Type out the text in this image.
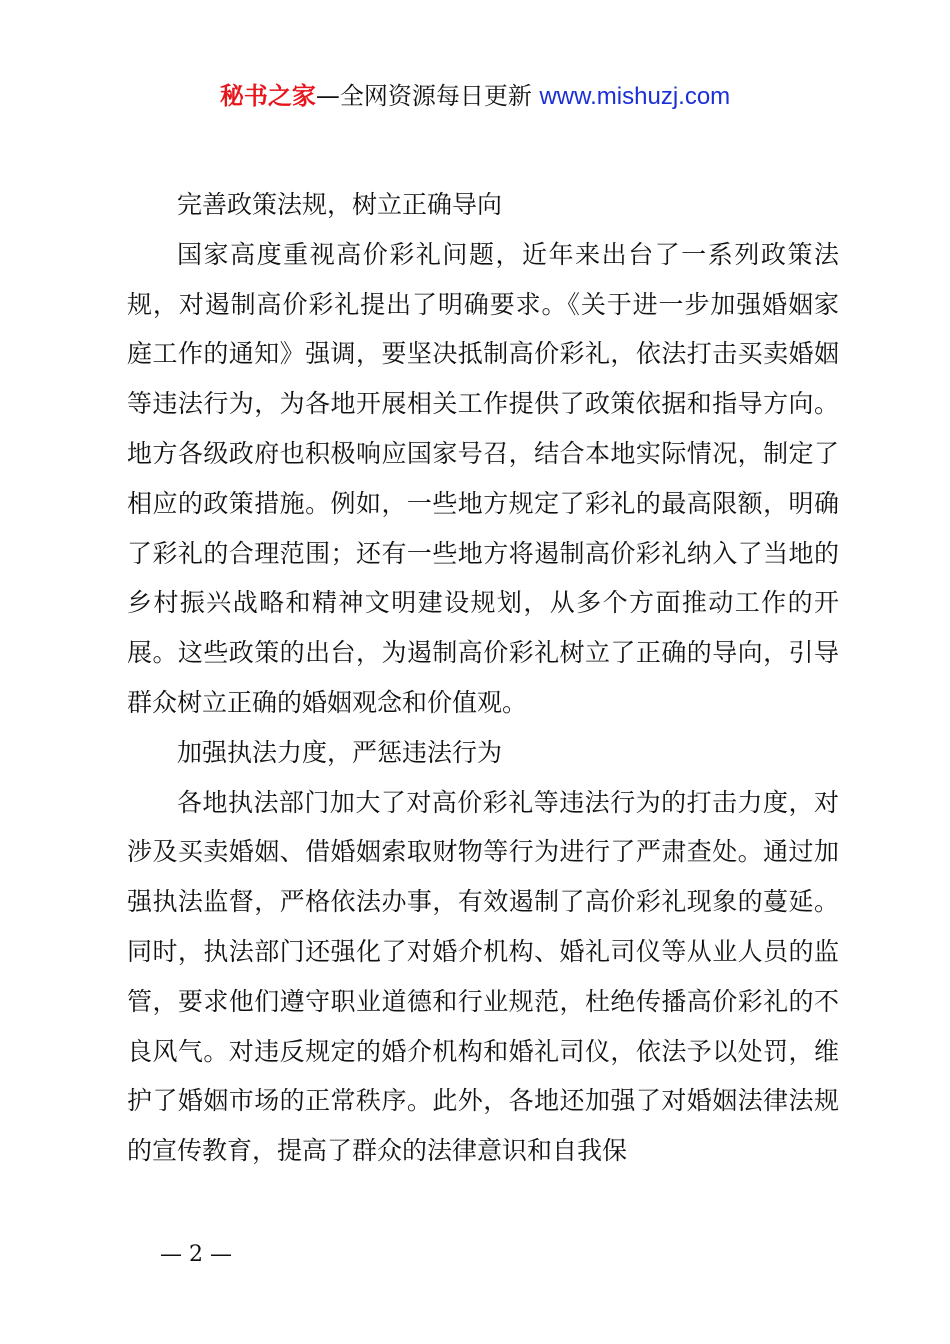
秘书之家—全网资源每日更新 www.mishuzj.com

完善政策法规，树立正确导向

国家高度重视高价彩礼问题，近年来出台了一系列政策法规，对遏制高价彩礼提出了明确要求。《关于进一步加强婚姻家庭工作的通知》强调，要坚决抵制高价彩礼，依法打击买卖婚姻等违法行为，为各地开展相关工作提供了政策依据和指导方向。地方各级政府也积极响应国家号召，结合本地实际情况，制定了相应的政策措施。例如，一些地方规定了彩礼的最高限额，明确了彩礼的合理范围；还有一些地方将遏制高价彩礼纳入了当地的乡村振兴战略和精神文明建设规划，从多个方面推动工作的开展。这些政策的出台，为遏制高价彩礼树立了正确的导向，引导群众树立正确的婚姻观念和价值观。

加强执法力度，严惩违法行为

各地执法部门加大了对高价彩礼等违法行为的打击力度，对涉及买卖婚姻、借婚姻索取财物等行为进行了严肃查处。通过加强执法监督，严格依法办事，有效遏制了高价彩礼现象的蔓延。同时，执法部门还强化了对婚介机构、婚礼司仪等从业人员的监管，要求他们遵守职业道德和行业规范，杜绝传播高价彩礼的不良风气。对违反规定的婚介机构和婚礼司仪，依法予以处罚，维护了婚姻市场的正常秩序。此外，各地还加强了对婚姻法律法规的宣传教育，提高了群众的法律意识和自我保

— 2 —
